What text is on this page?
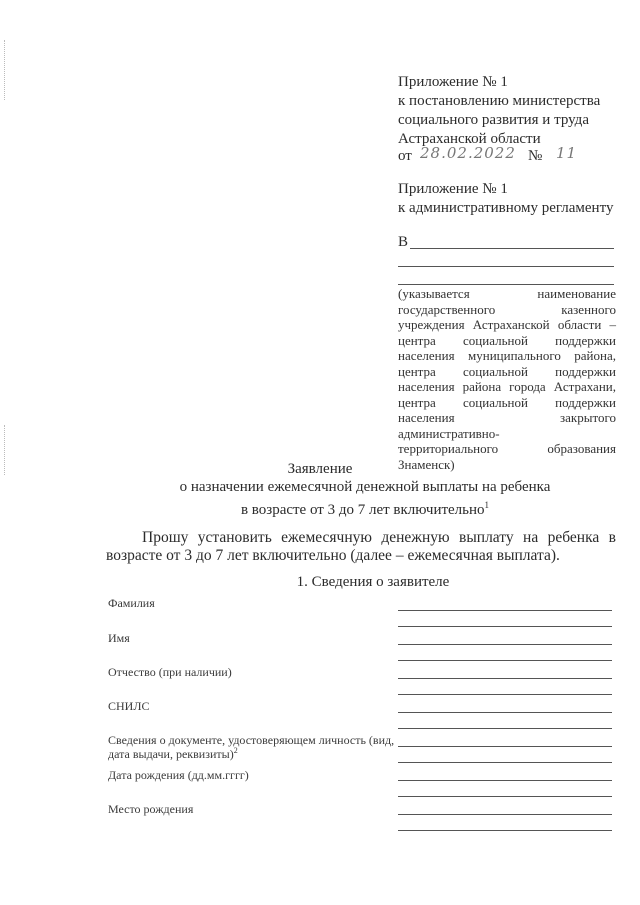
Приложение № 1
к постановлению министерства
социального развития и труда
Астраханской области
от 28.02.2022 № 11
Приложение № 1
к административному регламенту
В
(указывается наименование
государственного казенного
учреждения Астраханской области –
центра социальной поддержки
населения муниципального района,
центра социальной поддержки
населения района города Астрахани,
центра социальной поддержки
населения закрытого административно-
территориального образования
Знаменск)
Заявление
о назначении ежемесячной денежной выплаты на ребенка
в возрасте от 3 до 7 лет включительно$^1$
Прошу установить ежемесячную денежную выплату на ребенка в
возрасте от 3 до 7 лет включительно (далее – ежемесячная выплата).
1. Сведения о заявителе
Фамилия
Имя
Отчество (при наличии)
СНИЛС
Сведения о документе, удостоверяющем личность (вид,
дата выдачи, реквизиты)$^2$
Дата рождения (дд.мм.гггг)
Место рождения
